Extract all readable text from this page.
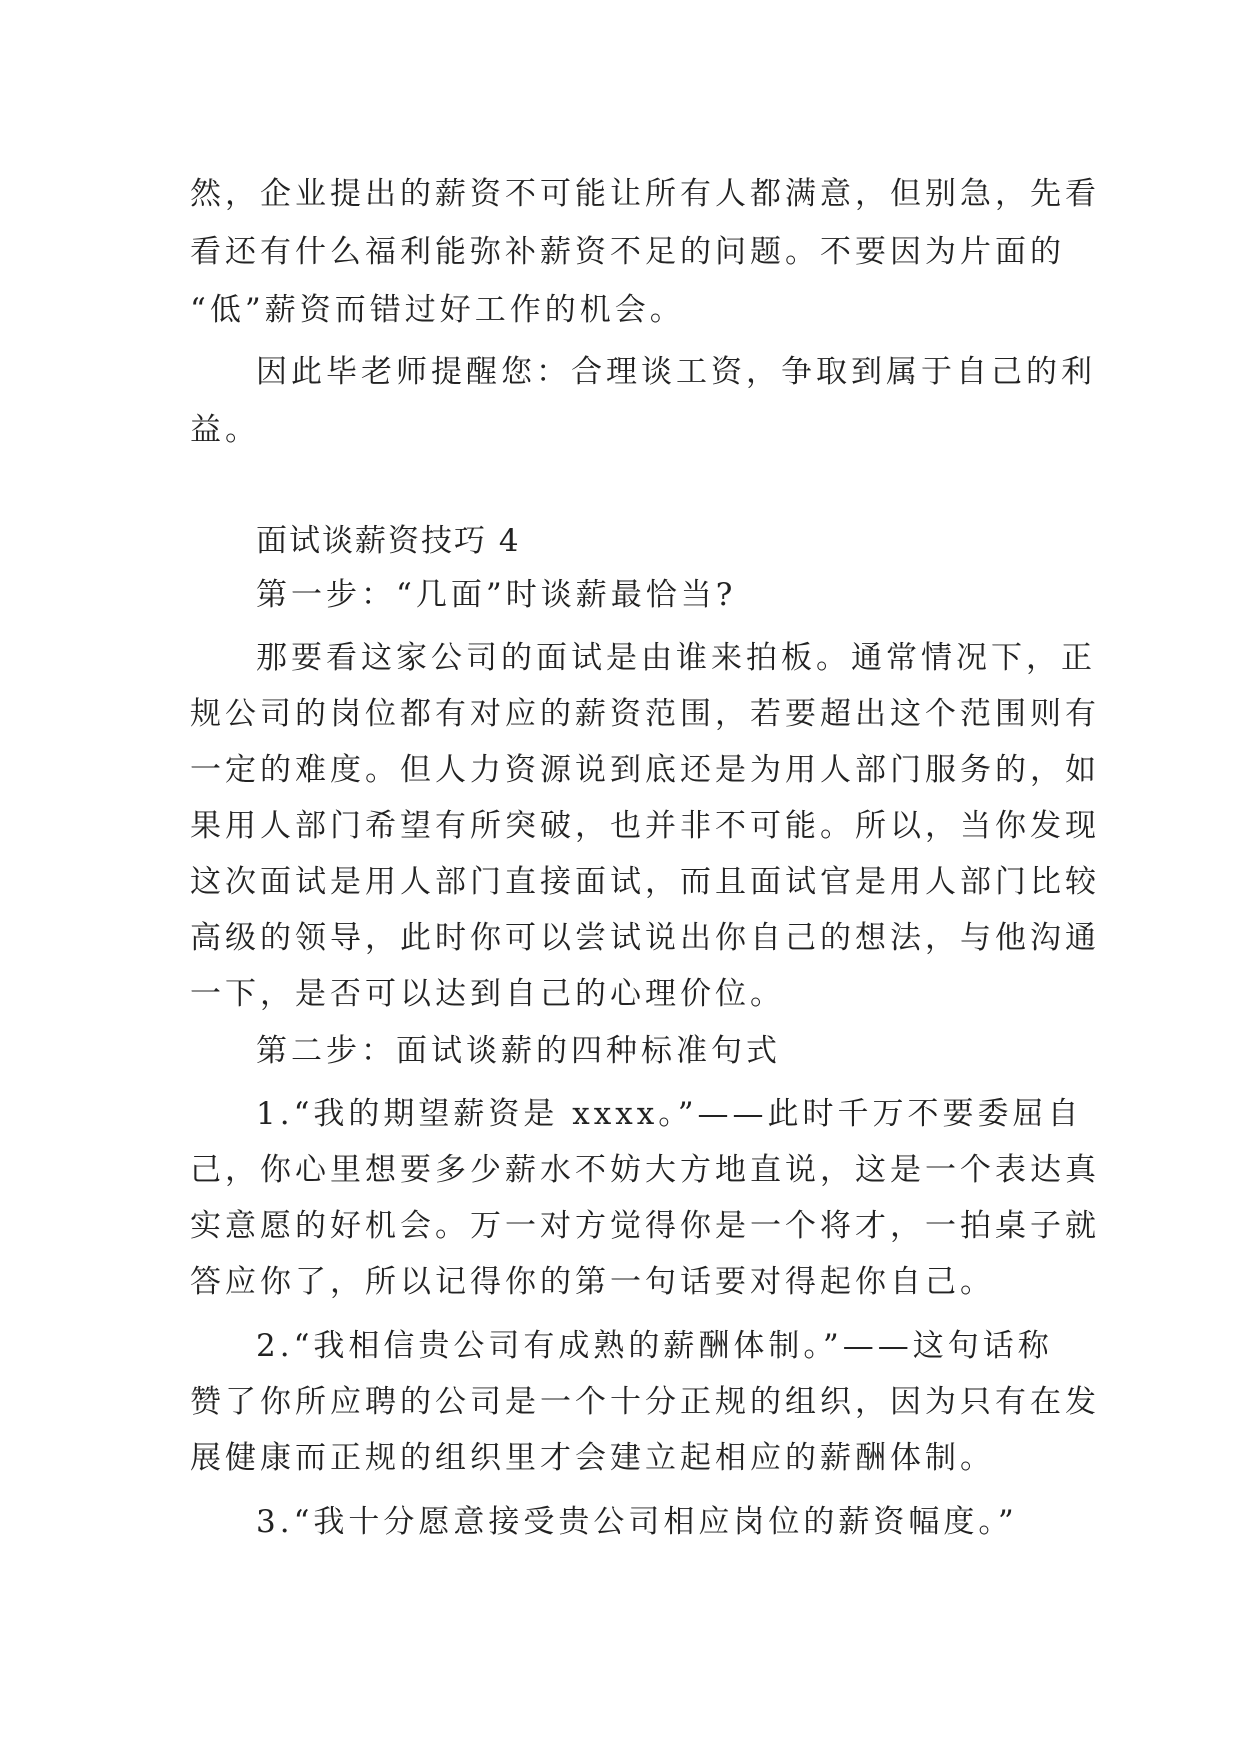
然，企业提出的薪资不可能让所有人都满意，但别急，先看

看还有什么福利能弥补薪资不足的问题。不要因为片面的

“低”薪资而错过好工作的机会。

因此毕老师提醒您：合理谈工资，争取到属于自己的利

益。

面试谈薪资技巧 4

第一步：“几面”时谈薪最恰当?

那要看这家公司的面试是由谁来拍板。通常情况下，正

规公司的岗位都有对应的薪资范围，若要超出这个范围则有

一定的难度。但人力资源说到底还是为用人部门服务的，如

果用人部门希望有所突破，也并非不可能。所以，当你发现

这次面试是用人部门直接面试，而且面试官是用人部门比较

高级的领导，此时你可以尝试说出你自己的想法，与他沟通

一下，是否可以达到自己的心理价位。

第二步：面试谈薪的四种标准句式

1.“我的期望薪资是 xxxx。”——此时千万不要委屈自

己，你心里想要多少薪水不妨大方地直说，这是一个表达真

实意愿的好机会。万一对方觉得你是一个将才，一拍桌子就

答应你了，所以记得你的第一句话要对得起你自己。

2.“我相信贵公司有成熟的薪酬体制。”——这句话称

赞了你所应聘的公司是一个十分正规的组织，因为只有在发

展健康而正规的组织里才会建立起相应的薪酬体制。

3.“我十分愿意接受贵公司相应岗位的薪资幅度。”
